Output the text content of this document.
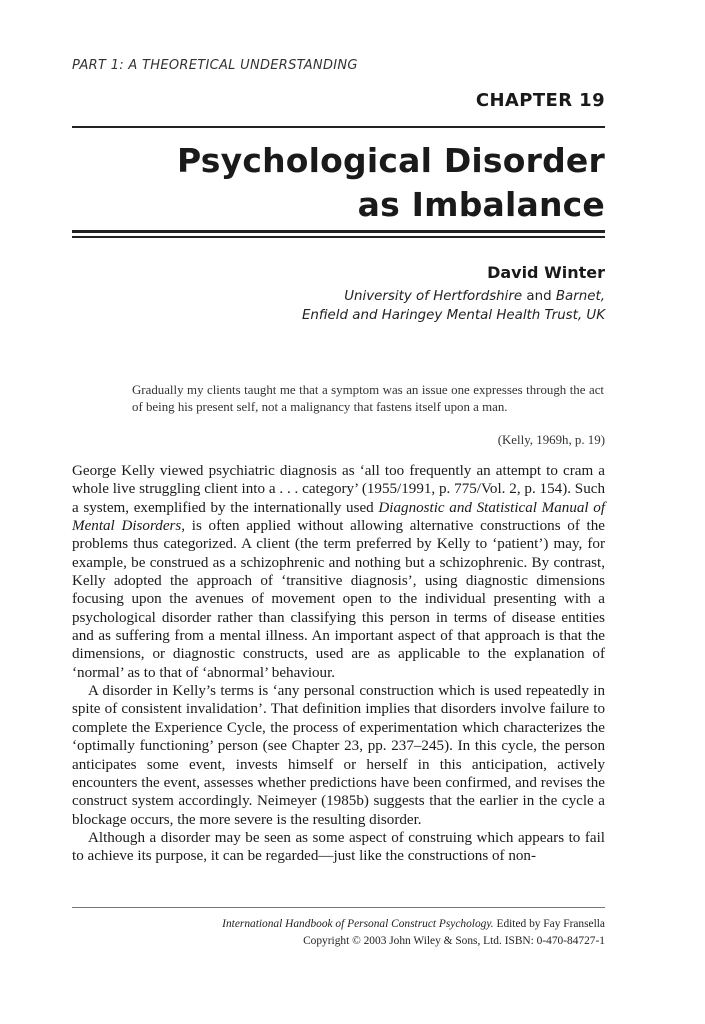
PART 1: A THEORETICAL UNDERSTANDING
CHAPTER 19
Psychological Disorder
as Imbalance
David Winter
University of Hertfordshire and Barnet,
Enfield and Haringey Mental Health Trust, UK
Gradually my clients taught me that a symptom was an issue one expresses through the act of being his present self, not a malignancy that fastens itself upon a man.
(Kelly, 1969h, p. 19)

George Kelly viewed psychiatric diagnosis as ‘all too frequently an attempt to cram a whole live struggling client into a . . . category’ (1955/1991, p. 775/Vol. 2, p. 154). Such a system, exemplified by the internationally used Diagnostic and Statistical Manual of Mental Disorders, is often applied without allowing alternative constructions of the problems thus categorized. A client (the term preferred by Kelly to ‘patient’) may, for example, be construed as a schizophrenic and nothing but a schizophrenic. By contrast, Kelly adopted the approach of ‘transitive diagnosis’, using diagnostic dimensions focusing upon the avenues of movement open to the individual presenting with a psychological disorder rather than classifying this person in terms of disease entities and as suffering from a mental illness. An important aspect of that approach is that the dimensions, or diagnostic constructs, used are as applicable to the explanation of ‘normal’ as to that of ‘abnormal’ behaviour.

A disorder in Kelly’s terms is ‘any personal construction which is used repeatedly in spite of consistent invalidation’. That definition implies that disorders involve failure to complete the Experience Cycle, the process of experimentation which characterizes the ‘optimally functioning’ person (see Chapter 23, pp. 237–245). In this cycle, the person anticipates some event, invests himself or herself in this anticipation, actively encounters the event, assesses whether predictions have been confirmed, and revises the construct system accordingly. Neimeyer (1985b) suggests that the earlier in the cycle a blockage occurs, the more severe is the resulting disorder.

Although a disorder may be seen as some aspect of construing which appears to fail to achieve its purpose, it can be regarded—just like the constructions of non-

International Handbook of Personal Construct Psychology. Edited by Fay Fransella
Copyright © 2003 John Wiley & Sons, Ltd. ISBN: 0-470-84727-1
